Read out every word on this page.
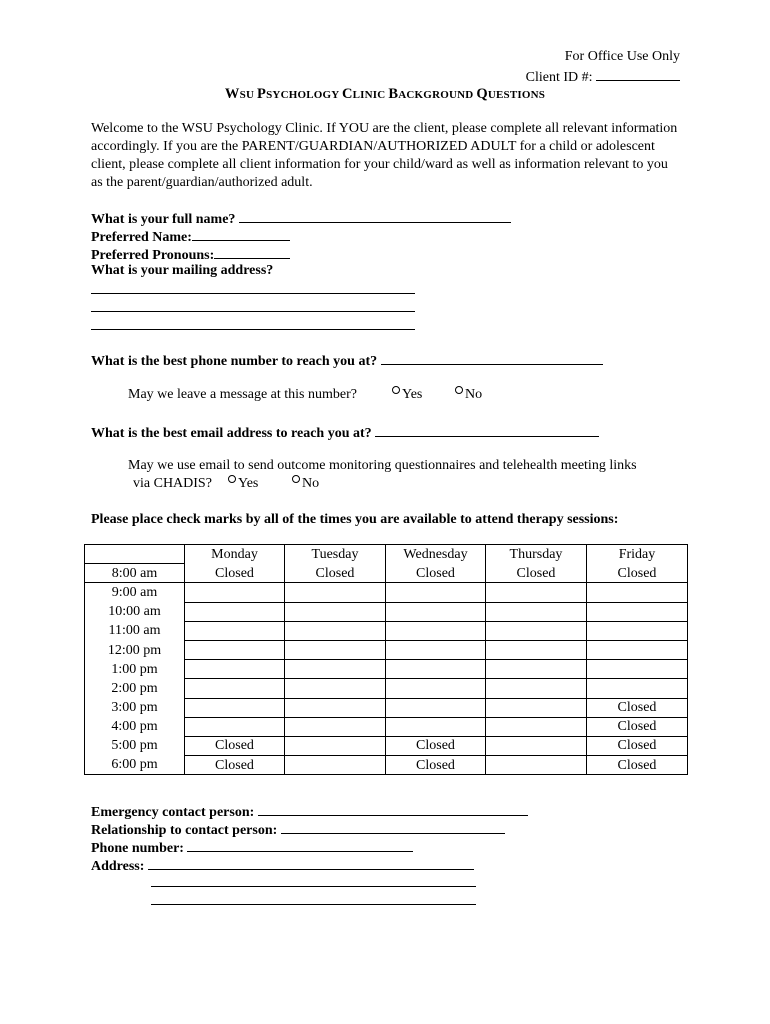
For Office Use Only
Client ID #:
WSU PSYCHOLOGY CLINIC BACKGROUND QUESTIONS
Welcome to the WSU Psychology Clinic. If YOU are the client, please complete all relevant information accordingly. If you are the PARENT/GUARDIAN/AUTHORIZED ADULT for a child or adolescent client, please complete all client information for your child/ward as well as information relevant to you as the parent/guardian/authorized adult.
What is your full name?
Preferred Name:
Preferred Pronouns:
What is your mailing address?
What is the best phone number to reach you at?
May we leave a message at this number?	Yes	No
What is the best email address to reach you at?
May we use email to send outcome monitoring questionnaires and telehealth meeting links
via CHADIS?	Yes	No
Please place check marks by all of the times you are available to attend therapy sessions:
	Monday	Tuesday	Wednesday	Thursday	Friday
8:00 am	Closed	Closed	Closed	Closed	Closed
9:00 am					
10:00 am					
11:00 am					
12:00 pm					
1:00 pm					
2:00 pm					
3:00 pm					Closed
4:00 pm					Closed
5:00 pm	Closed		Closed		Closed
6:00 pm	Closed		Closed		Closed
Emergency contact person:
Relationship to contact person:
Phone number:
Address:
